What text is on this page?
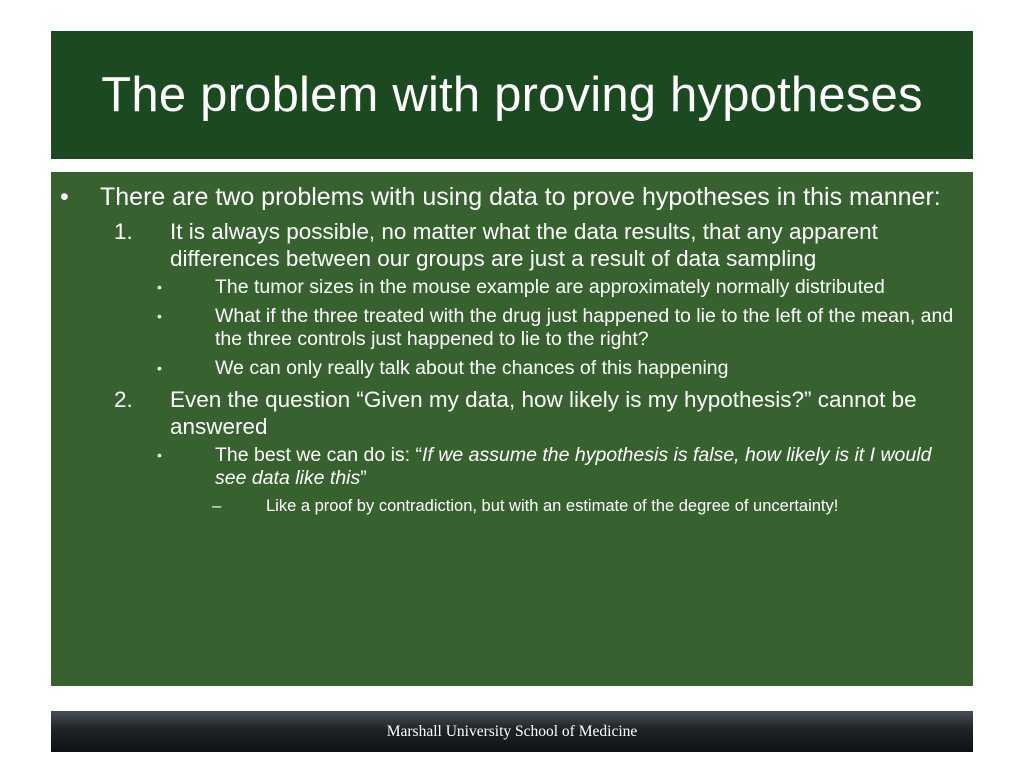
The problem with proving hypotheses
• There are two problems with using data to prove hypotheses in this manner:
1. It is always possible, no matter what the data results, that any apparent differences between our groups are just a result of data sampling
•	The tumor sizes in the mouse example are approximately normally distributed
•	What if the three treated with the drug just happened to lie to the left of the mean, and the three controls just happened to lie to the right?
•	We can only really talk about the chances of this happening
2. Even the question “Given my data, how likely is my hypothesis?” cannot be answered
•	The best we can do is: “If we assume the hypothesis is false, how likely is it I would see data like this”
–	Like a proof by contradiction, but with an estimate of the degree of uncertainty!
Marshall University School of Medicine
